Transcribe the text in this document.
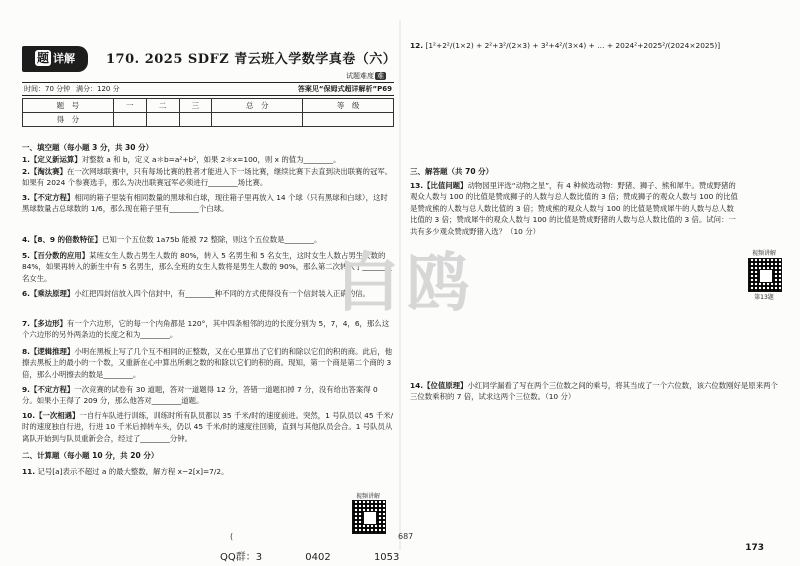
题 详解	170. 2025 SDFZ 青云班入学数学真卷（六）
试题难度 难
时间：70 分钟 满分：120 分	答案见“保姆式超详解析”P69
题　号	一	二	三	总　分	等　级
得　分					
一、填空题（每小题 3 分，共 30 分）
1.【定义新运算】对整数 a 和 b，定义 a＊b=a²+b²，如果 2＊x=100，则 x 的值为________。
2.【淘汰赛】在一次网球联赛中，只有每场比赛的胜者才能进入下一场比赛，继续比赛下去直到决出联赛的冠军。如果有 2024 个参赛选手，那么为决出联赛冠军必须进行________场比赛。
3.【不定方程】相同的箱子里装有相同数量的黑球和白球，现往箱子里再放入 14 个球（只有黑球和白球），这时黑球数量占总球数的 1/6，那么现在箱子里有________个白球。
4.【8、9 的倍数特征】已知一个五位数 1a75b 能被 72 整除，则这个五位数是________。
5.【百分数的应用】某班女生人数占男生人数的 80%，转入 5 名男生和 5 名女生，这时女生人数占男生人数的 84%，如果再转入的新生中有 5 名男生，那么全班的女生人数将是男生人数的 90%，那么第二次转入了________名女生。
6.【乘法原理】小红把四封信放入四个信封中，有________种不同的方式使得没有一个信封装入正确的信。
7.【多边形】有一个六边形，它的每一个内角都是 120°，其中四条相邻的边的长度分别为 5，7，4，6，那么这个六边形的另外两条边的长度之和为________。
8.【逻辑推理】小明在黑板上写了几个互不相同的正整数，又在心里算出了它们的和除以它们的积的商。此后，他擦去黑板上的最小的一个数，又重新在心中算出所剩之数的和除以它们的积的商。现知，第一个商是第二个商的 3 倍，那么小明擦去的数是________。
9.【不定方程】一次竞赛的试卷有 30 道题，答对一道题得 12 分，答错一道题扣掉 7 分，没有给出答案得 0 分。如果小王得了 209 分，那么他答对________道题。
10.【一次相遇】一自行车队进行训练，训练时所有队员都以 35 千米/时的速度前进。突然，1 号队员以 45 千米/时的速度独自行进，行进 10 千米后掉转车头，仍以 45 千米/时的速度往回骑，直到与其他队员会合。1 号队员从离队开始到与队员重新会合，经过了________分钟。
二、计算题（每小题 10 分，共 20 分）
11. 记号[a]表示不超过 a 的最大整数，解方程 x−2[x]=7/2。
视频讲解
12. [1²+2²/(1×2) + 2²+3²/(2×3) + 3²+4²/(3×4) + … + 2024²+2025²/(2024×2025)]
三、解答题（共 70 分）
13.【比值问题】动物园里评选“动物之星”，有 4 种候选动物：野猪、狮子、熊和犀牛。赞成野猪的观众人数与 100 的比值是赞成狮子的人数与总人数比值的 3 倍；赞成狮子的观众人数与 100 的比值是赞成熊的人数与总人数比值的 3 倍；赞成熊的观众人数与 100 的比值是赞成犀牛的人数与总人数比值的 3 倍；赞成犀牛的观众人数与 100 的比值是赞成野猪的人数与总人数比值的 3 倍。试问：一共有多少观众赞成野猪入选？（10 分）
视频讲解
第13题
14.【位值原理】小红同学漏看了写在两个三位数之间的乘号，将其当成了一个六位数，该六位数刚好是原来两个三位数乘积的 7 倍，试求这两个三位数。（10 分）
白鸥
(	687
QQ群：3	0402	1053
173
